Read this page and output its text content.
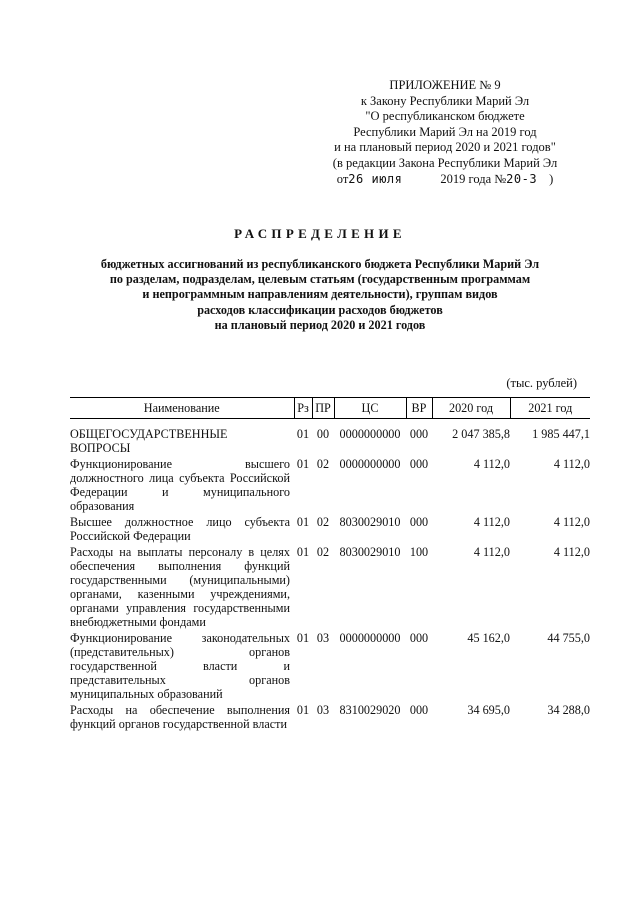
ПРИЛОЖЕНИЕ № 9
к Закону Республики Марий Эл
"О республиканском бюджете
Республики Марий Эл на 2019 год
и на плановый период 2020 и 2021 годов"
(в редакции Закона Республики Марий Эл
от26 июля	2019 года №20-З )
РАСПРЕДЕЛЕНИЕ
бюджетных ассигнований из республиканского бюджета Республики Марий Эл
по разделам, подразделам, целевым статьям (государственным программам
и непрограммным направлениям деятельности), группам видов
расходов классификации расходов бюджетов
на плановый период 2020 и 2021 годов
(тыс. рублей)
Наименование	Рз	ПР	ЦС	ВР	2020 год	2021 год
ОБЩЕГОСУДАРСТВЕННЫЕ ВОПРОСЫ	01	00	0000000000	000	2 047 385,8	1 985 447,1
Функционирование высшего должностного лица субъекта Российской Федерации и муниципального образования	01	02	0000000000	000	4 112,0	4 112,0
Высшее должностное лицо субъекта Российской Федерации	01	02	8030029010	000	4 112,0	4 112,0
Расходы на выплаты персоналу в целях обеспечения выполнения функций государственными (муниципальными) органами, казенными учреждениями, органами управления государственными внебюджетными фондами	01	02	8030029010	100	4 112,0	4 112,0
Функционирование законодательных (представительных) органов государственной власти и представительных органов муниципальных образований	01	03	0000000000	000	45 162,0	44 755,0
Расходы на обеспечение выполнения функций органов государственной власти	01	03	8310029020	000	34 695,0	34 288,0
